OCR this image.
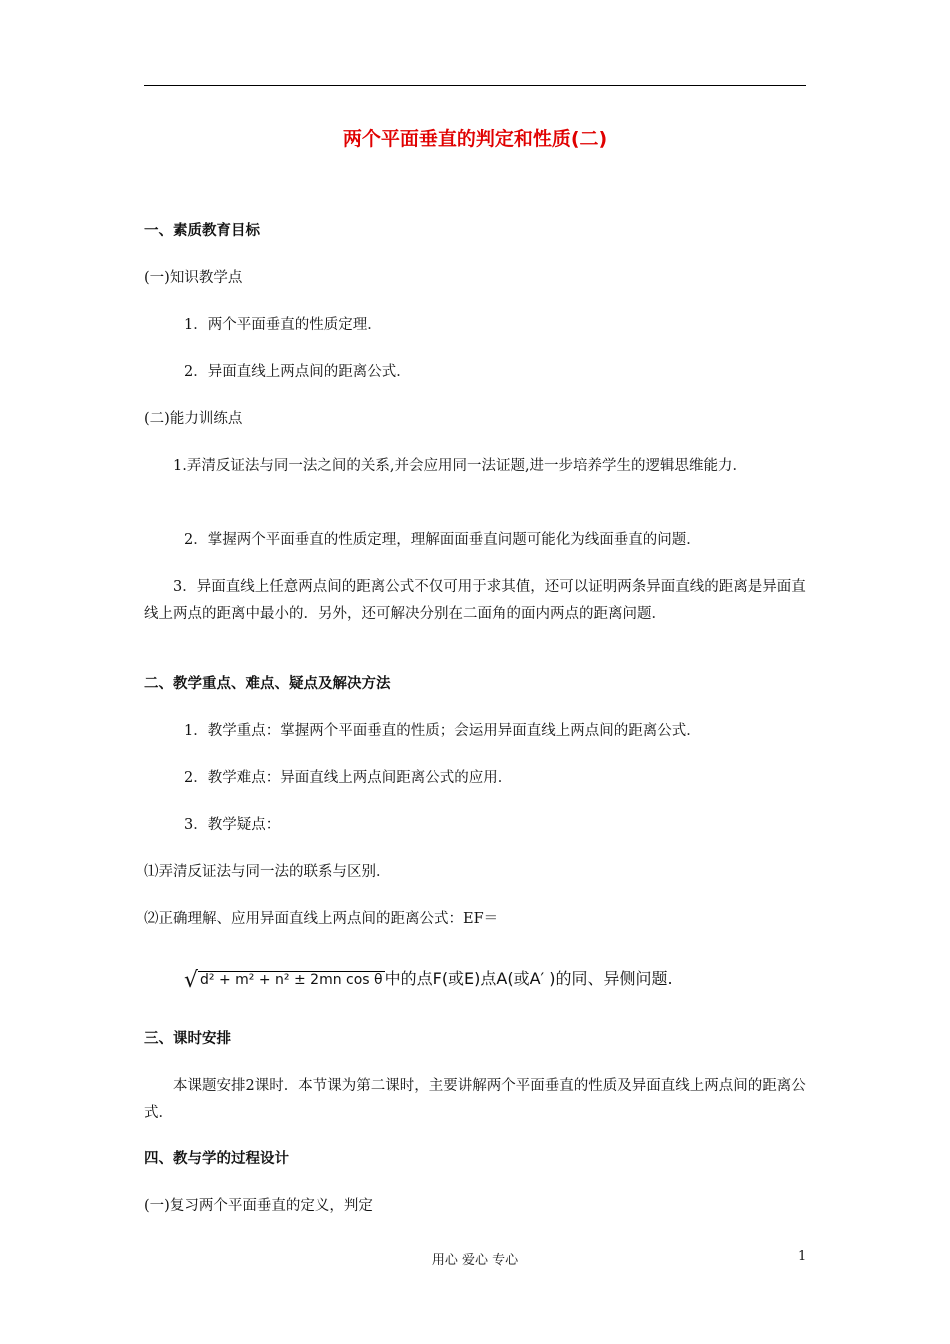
两个平面垂直的判定和性质(二)
一、素质教育目标
(一)知识教学点
1．两个平面垂直的性质定理．
2．异面直线上两点间的距离公式．
(二)能力训练点
1.弄清反证法与同一法之间的关系,并会应用同一法证题,进一步培养学生的逻辑思维能力．
2．掌握两个平面垂直的性质定理，理解面面垂直问题可能化为线面垂直的问题．
3．异面直线上任意两点间的距离公式不仅可用于求其值，还可以证明两条异面直线的距离是异面直线上两点的距离中最小的．另外，还可解决分别在二面角的面内两点的距离问题．
二、教学重点、难点、疑点及解决方法
1．教学重点：掌握两个平面垂直的性质；会运用异面直线上两点间的距离公式．
2．教学难点：异面直线上两点间距离公式的应用．
3．教学疑点：
⑴弄清反证法与同一法的联系与区别．
⑵正确理解、应用异面直线上两点间的距离公式：EF＝
√ d² + m² + n² ± 2mn cos θ 中的点F(或E)点A(或A′ )的同、异侧问题.
三、课时安排
本课题安排2课时．本节课为第二课时，主要讲解两个平面垂直的性质及异面直线上两点间的距离公式．
四、教与学的过程设计
(一)复习两个平面垂直的定义，判定
用心 爱心 专心	1
